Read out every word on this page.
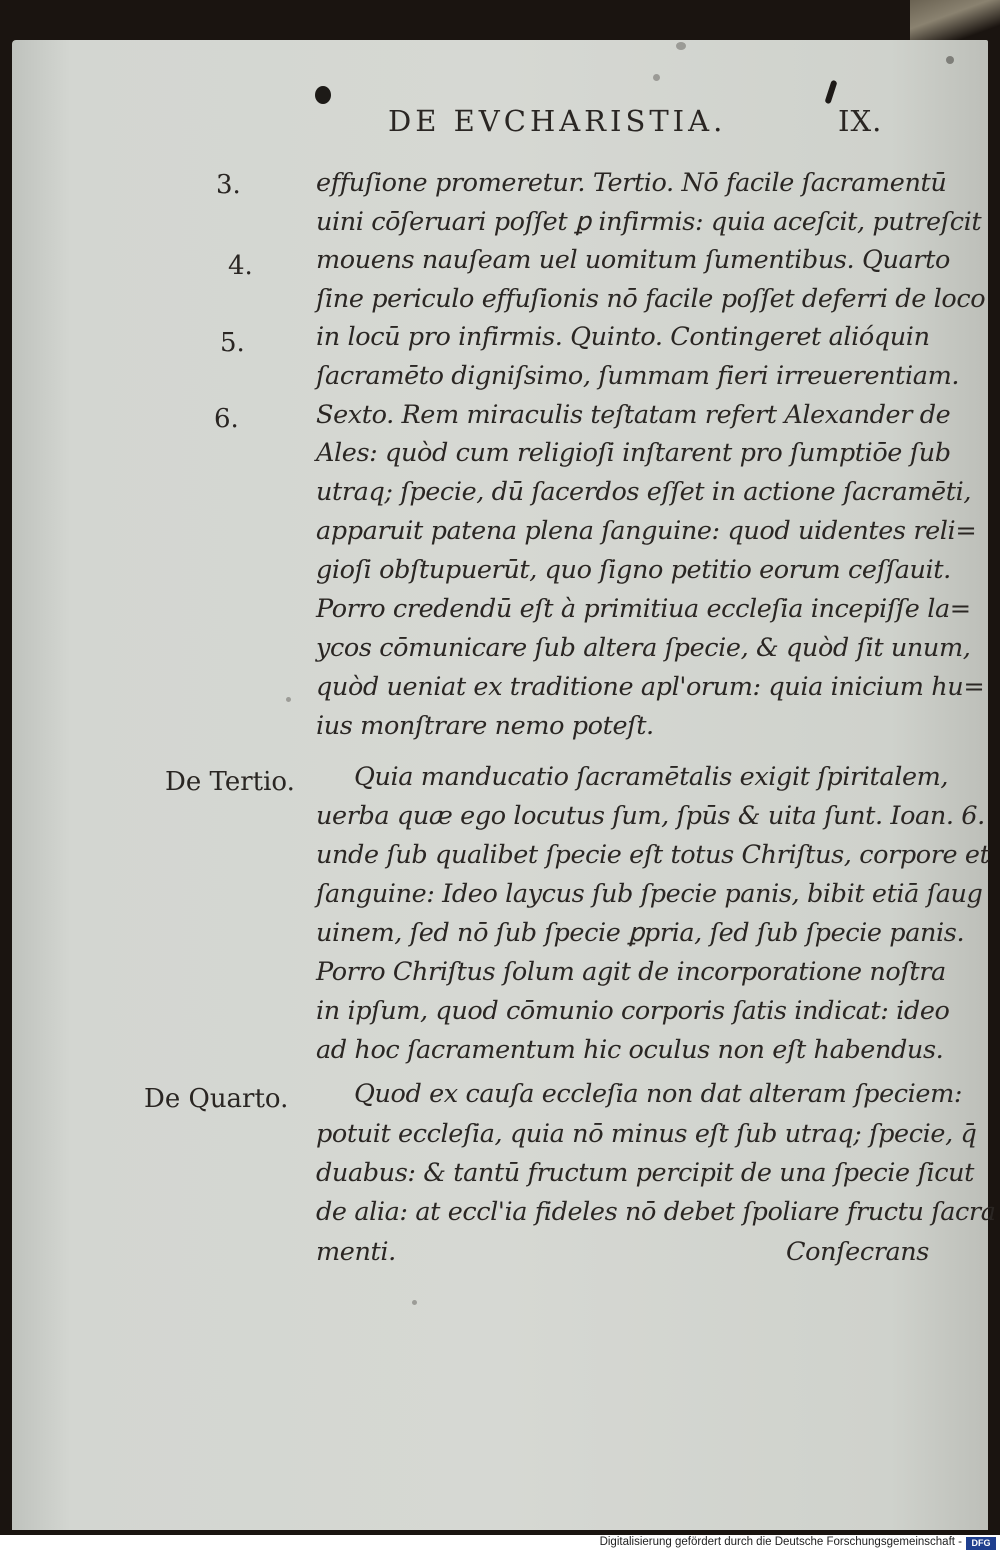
DE EVCHARISTIA.	IX.
3.
4.
5.
6.
De Tertio.
De Quarto.
effuſione promeretur. Tertio. Nō facile ſacramentū
uini cōſeruari poſſet ꝑ infirmis: quia aceſcit, putreſcit
mouens nauſeam uel uomitum ſumentibus. Quarto
ſine periculo effuſionis nō facile poſſet deferri de loco
in locū pro infirmis. Quinto. Contingeret alióquin
ſacramēto digniſsimo, ſummam fieri irreuerentiam.
Sexto. Rem miraculis teſtatam refert Alexander de
Ales: quòd cum religioſi inſtarent pro ſumptiōe ſub
utraq; ſpecie, dū ſacerdos eſſet in actione ſacramēti,
apparuit patena plena ſanguine: quod uidentes reli=
gioſi obſtupuerūt, quo ſigno petitio eorum ceſſauit.
Porro credendū eſt à primitiua eccleſia incepiſſe la=
ycos cōmunicare ſub altera ſpecie, & quòd ſit unum,
quòd ueniat ex traditione apl'orum: quia inicium hu=
ius monſtrare nemo poteſt.
Quia manducatio ſacramētalis exigit ſpiritalem,
uerba quæ ego locutus ſum, ſpūs & uita ſunt. Ioan. 6.
unde ſub qualibet ſpecie eſt totus Chriſtus, corpore et
ſanguine: Ideo laycus ſub ſpecie panis, bibit etiā ſaug
uinem, ſed nō ſub ſpecie ꝑpria, ſed ſub ſpecie panis.
Porro Chriſtus ſolum agit de incorporatione noſtra
in ipſum, quod cōmunio corporis ſatis indicat: ideo
ad hoc ſacramentum hic oculus non eſt habendus.
Quod ex cauſa eccleſia non dat alteram ſpeciem:
potuit eccleſia, quia nō minus eſt ſub utraq; ſpecie, q̄
duabus: & tantū fructum percipit de una ſpecie ſicut
de alia: at eccl'ia fideles nō debet ſpoliare fructu ſacra
menti.	Conſecrans
Digitalisierung gefördert durch die Deutsche Forschungsgemeinschaft -	DFG
